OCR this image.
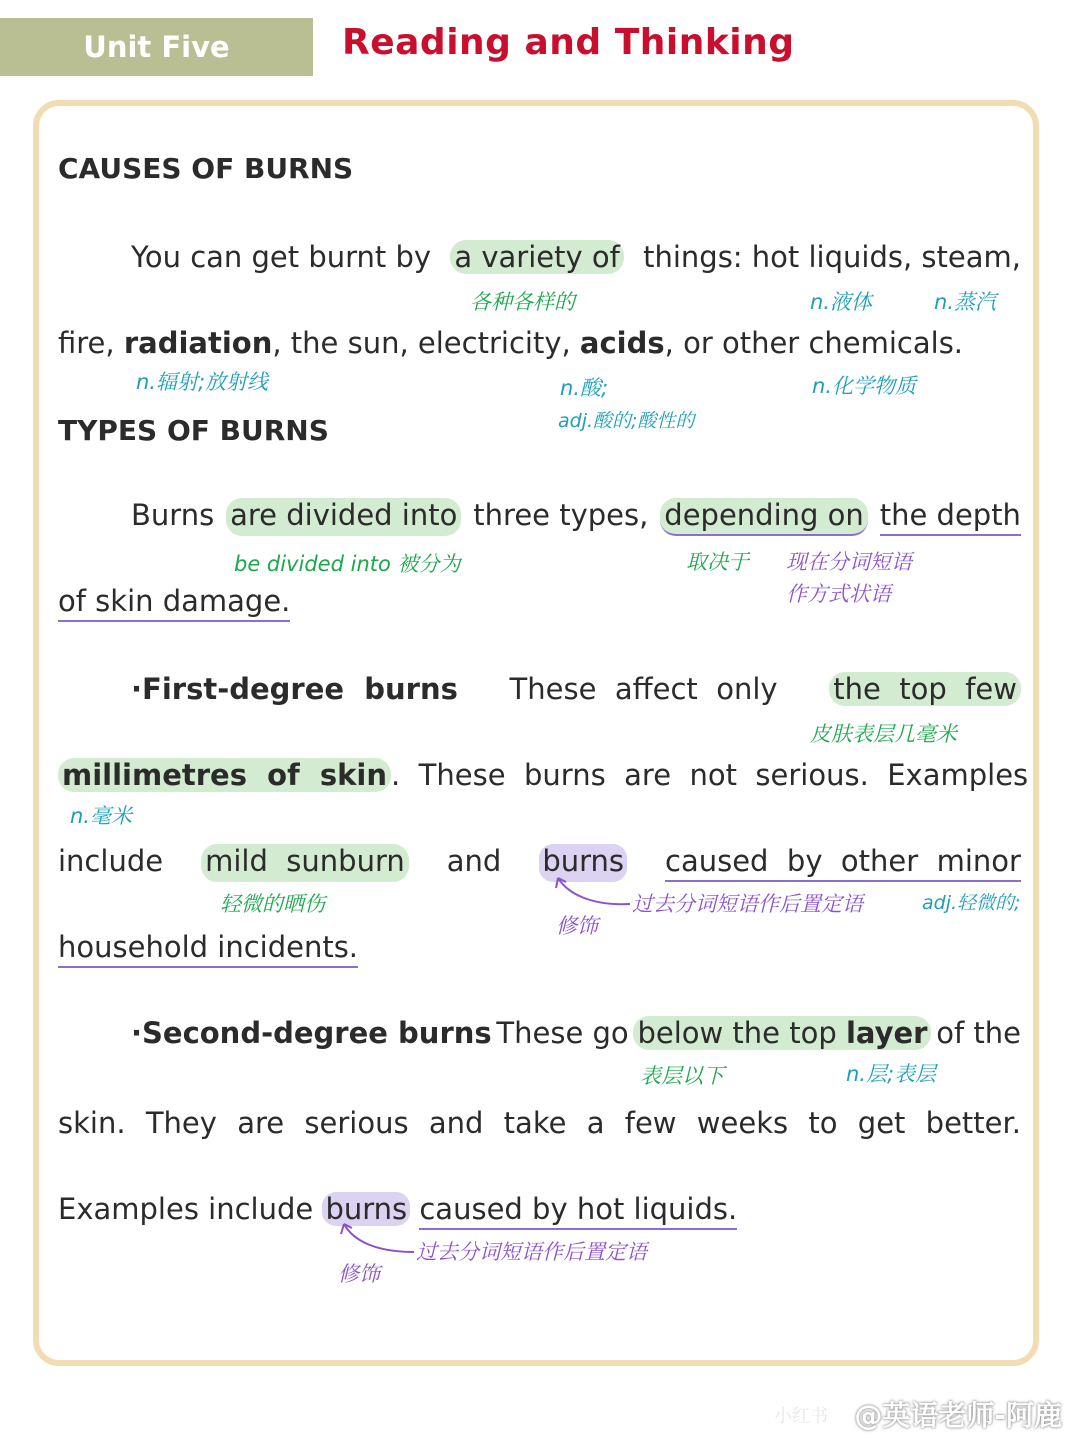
Unit Five	Reading and Thinking
CAUSES OF BURNS
You can get burnt by a variety of things: hot liquids, steam,
各种各样的	n.液体	n.蒸汽
fire, radiation, the sun, electricity, acids, or other chemicals.
n.辐射;放射线	n.酸;
adj.酸的;酸性的
n.化学物质
TYPES OF BURNS
Burns are divided into three types, depending on the depth
be divided into 被分为	取决于 现在分词短语
作方式状语
of skin damage.
·First-degree  burns These  affect  only the  top  few
皮肤表层几毫米
millimetres  of  skin .  These  burns  are  not  serious.  Examples
n.毫米
include mild  sunburn and burns caused  by  other  minor
轻微的晒伤
修饰
过去分词短语作后置定语	adj.轻微的;
household incidents.
·Second-degree burns These go below the top layer of the
表层以下	n.层;表层
skin. They are serious and take a few weeks to get better.
Examples include burns caused by hot liquids.
修饰
过去分词短语作后置定语
小红书 @英语老师-阿鹿
